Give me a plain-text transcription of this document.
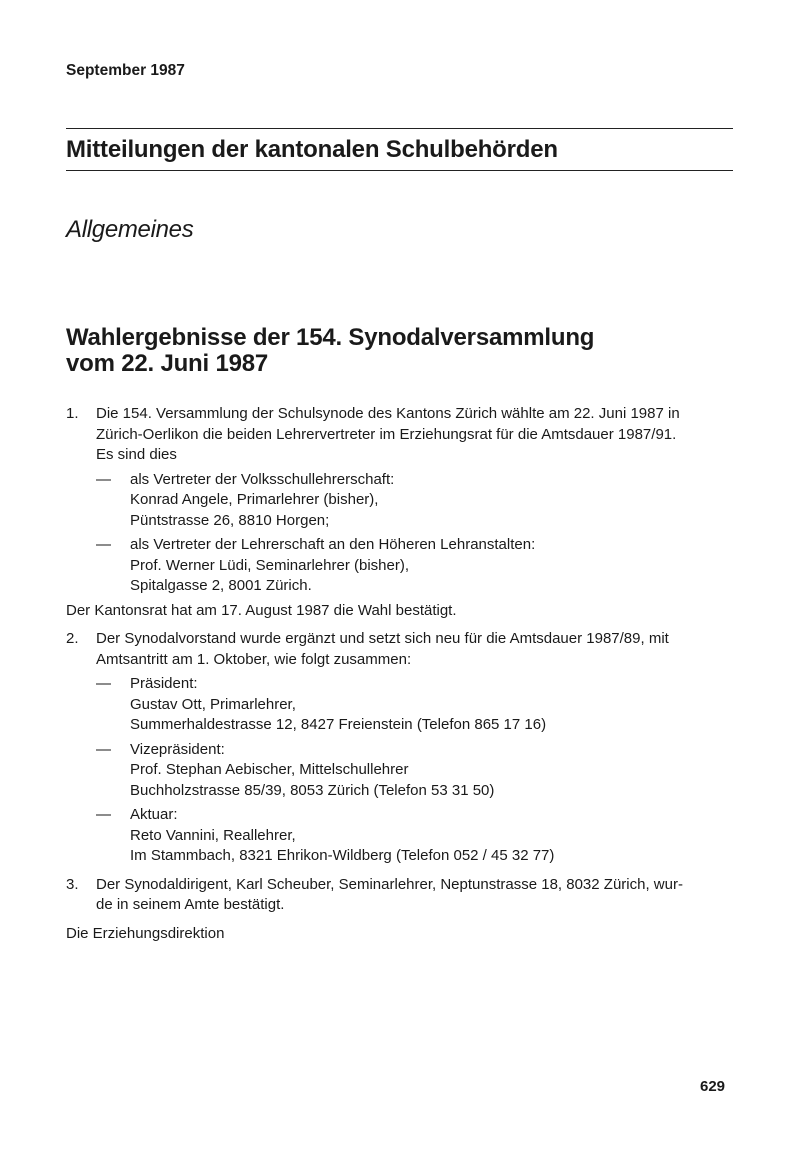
September 1987
Mitteilungen der kantonalen Schulbehörden
Allgemeines
Wahlergebnisse der 154. Synodalversammlung
vom 22. Juni 1987
1. Die 154. Versammlung der Schulsynode des Kantons Zürich wählte am 22. Juni 1987 in
Zürich-Oerlikon die beiden Lehrervertreter im Erziehungsrat für die Amtsdauer 1987/91.
Es sind dies
— als Vertreter der Volksschullehrerschaft:
Konrad Angele, Primarlehrer (bisher),
Püntstrasse 26, 8810 Horgen;
— als Vertreter der Lehrerschaft an den Höheren Lehranstalten:
Prof. Werner Lüdi, Seminarlehrer (bisher),
Spitalgasse 2, 8001 Zürich.
Der Kantonsrat hat am 17. August 1987 die Wahl bestätigt.
2. Der Synodalvorstand wurde ergänzt und setzt sich neu für die Amtsdauer 1987/89, mit
Amtsantritt am 1. Oktober, wie folgt zusammen:
— Präsident:
Gustav Ott, Primarlehrer,
Summerhaldestrasse 12, 8427 Freienstein (Telefon 865 17 16)
— Vizepräsident:
Prof. Stephan Aebischer, Mittelschullehrer
Buchholzstrasse 85/39, 8053 Zürich (Telefon 53 31 50)
— Aktuar:
Reto Vannini, Reallehrer,
Im Stammbach, 8321 Ehrikon-Wildberg (Telefon 052 / 45 32 77)
3. Der Synodaldirigent, Karl Scheuber, Seminarlehrer, Neptunstrasse 18, 8032 Zürich, wur-
de in seinem Amte bestätigt.
Die Erziehungsdirektion
629
